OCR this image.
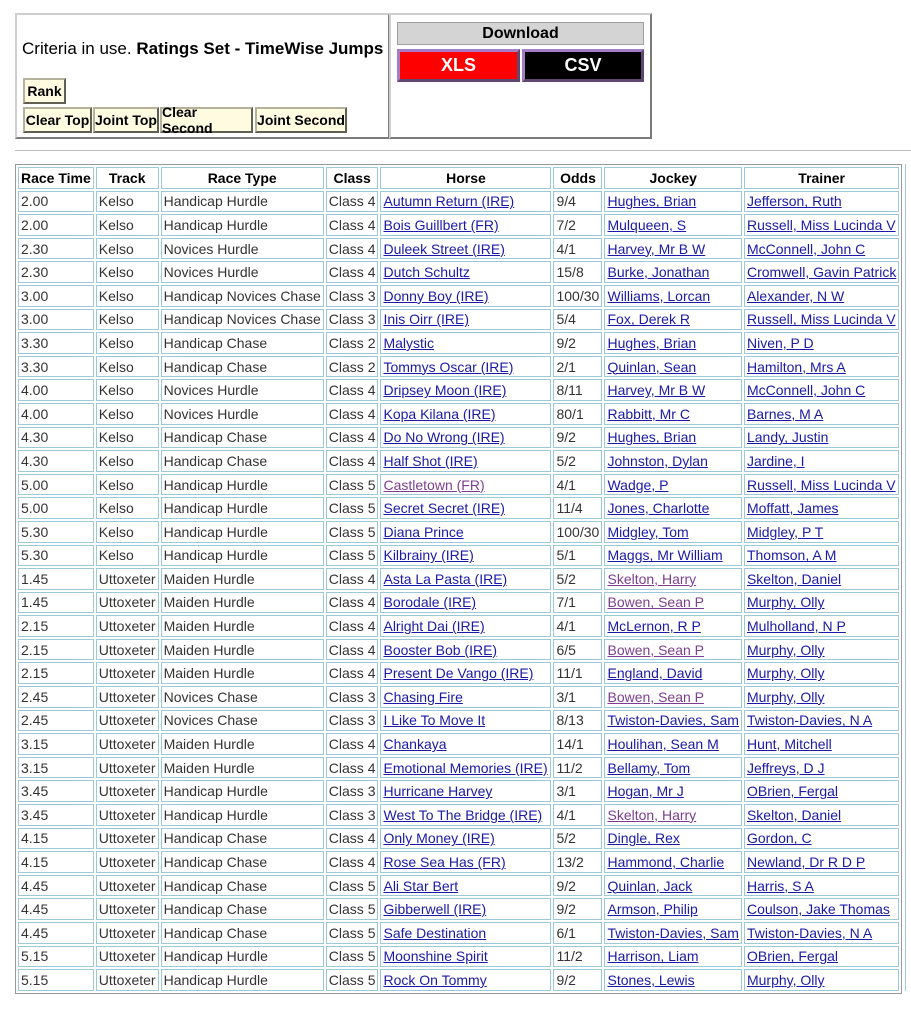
Criteria in use. Ratings Set - TimeWise Jumps
Rank
Clear Top Joint Top Clear Second	Joint Second
Download
XLS	CSV
Race Time	Track	Race Type	Class	Horse	Odds	Jockey	Trainer
2.00	Kelso	Handicap Hurdle	Class 4	Autumn Return (IRE)	9/4	Hughes, Brian	Jefferson, Ruth
2.00	Kelso	Handicap Hurdle	Class 4	Bois Guillbert (FR)	7/2	Mulqueen, S	Russell, Miss Lucinda V
2.30	Kelso	Novices Hurdle	Class 4	Duleek Street (IRE)	4/1	Harvey, Mr B W	McConnell, John C
2.30	Kelso	Novices Hurdle	Class 4	Dutch Schultz	15/8	Burke, Jonathan	Cromwell, Gavin Patrick
3.00	Kelso	Handicap Novices Chase	Class 3	Donny Boy (IRE)	100/30	Williams, Lorcan	Alexander, N W
3.00	Kelso	Handicap Novices Chase	Class 3	Inis Oirr (IRE)	5/4	Fox, Derek R	Russell, Miss Lucinda V
3.30	Kelso	Handicap Chase	Class 2	Malystic	9/2	Hughes, Brian	Niven, P D
3.30	Kelso	Handicap Chase	Class 2	Tommys Oscar (IRE)	2/1	Quinlan, Sean	Hamilton, Mrs A
4.00	Kelso	Novices Hurdle	Class 4	Dripsey Moon (IRE)	8/11	Harvey, Mr B W	McConnell, John C
4.00	Kelso	Novices Hurdle	Class 4	Kopa Kilana (IRE)	80/1	Rabbitt, Mr C	Barnes, M A
4.30	Kelso	Handicap Chase	Class 4	Do No Wrong (IRE)	9/2	Hughes, Brian	Landy, Justin
4.30	Kelso	Handicap Chase	Class 4	Half Shot (IRE)	5/2	Johnston, Dylan	Jardine, I
5.00	Kelso	Handicap Hurdle	Class 5	Castletown (FR)	4/1	Wadge, P	Russell, Miss Lucinda V
5.00	Kelso	Handicap Hurdle	Class 5	Secret Secret (IRE)	11/4	Jones, Charlotte	Moffatt, James
5.30	Kelso	Handicap Hurdle	Class 5	Diana Prince	100/30	Midgley, Tom	Midgley, P T
5.30	Kelso	Handicap Hurdle	Class 5	Kilbrainy (IRE)	5/1	Maggs, Mr William	Thomson, A M
1.45	Uttoxeter	Maiden Hurdle	Class 4	Asta La Pasta (IRE)	5/2	Skelton, Harry	Skelton, Daniel
1.45	Uttoxeter	Maiden Hurdle	Class 4	Borodale (IRE)	7/1	Bowen, Sean P	Murphy, Olly
2.15	Uttoxeter	Maiden Hurdle	Class 4	Alright Dai (IRE)	4/1	McLernon, R P	Mulholland, N P
2.15	Uttoxeter	Maiden Hurdle	Class 4	Booster Bob (IRE)	6/5	Bowen, Sean P	Murphy, Olly
2.15	Uttoxeter	Maiden Hurdle	Class 4	Present De Vango (IRE)	11/1	England, David	Murphy, Olly
2.45	Uttoxeter	Novices Chase	Class 3	Chasing Fire	3/1	Bowen, Sean P	Murphy, Olly
2.45	Uttoxeter	Novices Chase	Class 3	I Like To Move It	8/13	Twiston-Davies, Sam	Twiston-Davies, N A
3.15	Uttoxeter	Maiden Hurdle	Class 4	Chankaya	14/1	Houlihan, Sean M	Hunt, Mitchell
3.15	Uttoxeter	Maiden Hurdle	Class 4	Emotional Memories (IRE)	11/2	Bellamy, Tom	Jeffreys, D J
3.45	Uttoxeter	Handicap Hurdle	Class 3	Hurricane Harvey	3/1	Hogan, Mr J	OBrien, Fergal
3.45	Uttoxeter	Handicap Hurdle	Class 3	West To The Bridge (IRE)	4/1	Skelton, Harry	Skelton, Daniel
4.15	Uttoxeter	Handicap Chase	Class 4	Only Money (IRE)	5/2	Dingle, Rex	Gordon, C
4.15	Uttoxeter	Handicap Chase	Class 4	Rose Sea Has (FR)	13/2	Hammond, Charlie	Newland, Dr R D P
4.45	Uttoxeter	Handicap Chase	Class 5	Ali Star Bert	9/2	Quinlan, Jack	Harris, S A
4.45	Uttoxeter	Handicap Chase	Class 5	Gibberwell (IRE)	9/2	Armson, Philip	Coulson, Jake Thomas
4.45	Uttoxeter	Handicap Chase	Class 5	Safe Destination	6/1	Twiston-Davies, Sam	Twiston-Davies, N A
5.15	Uttoxeter	Handicap Hurdle	Class 5	Moonshine Spirit	11/2	Harrison, Liam	OBrien, Fergal
5.15	Uttoxeter	Handicap Hurdle	Class 5	Rock On Tommy	9/2	Stones, Lewis	Murphy, Olly
